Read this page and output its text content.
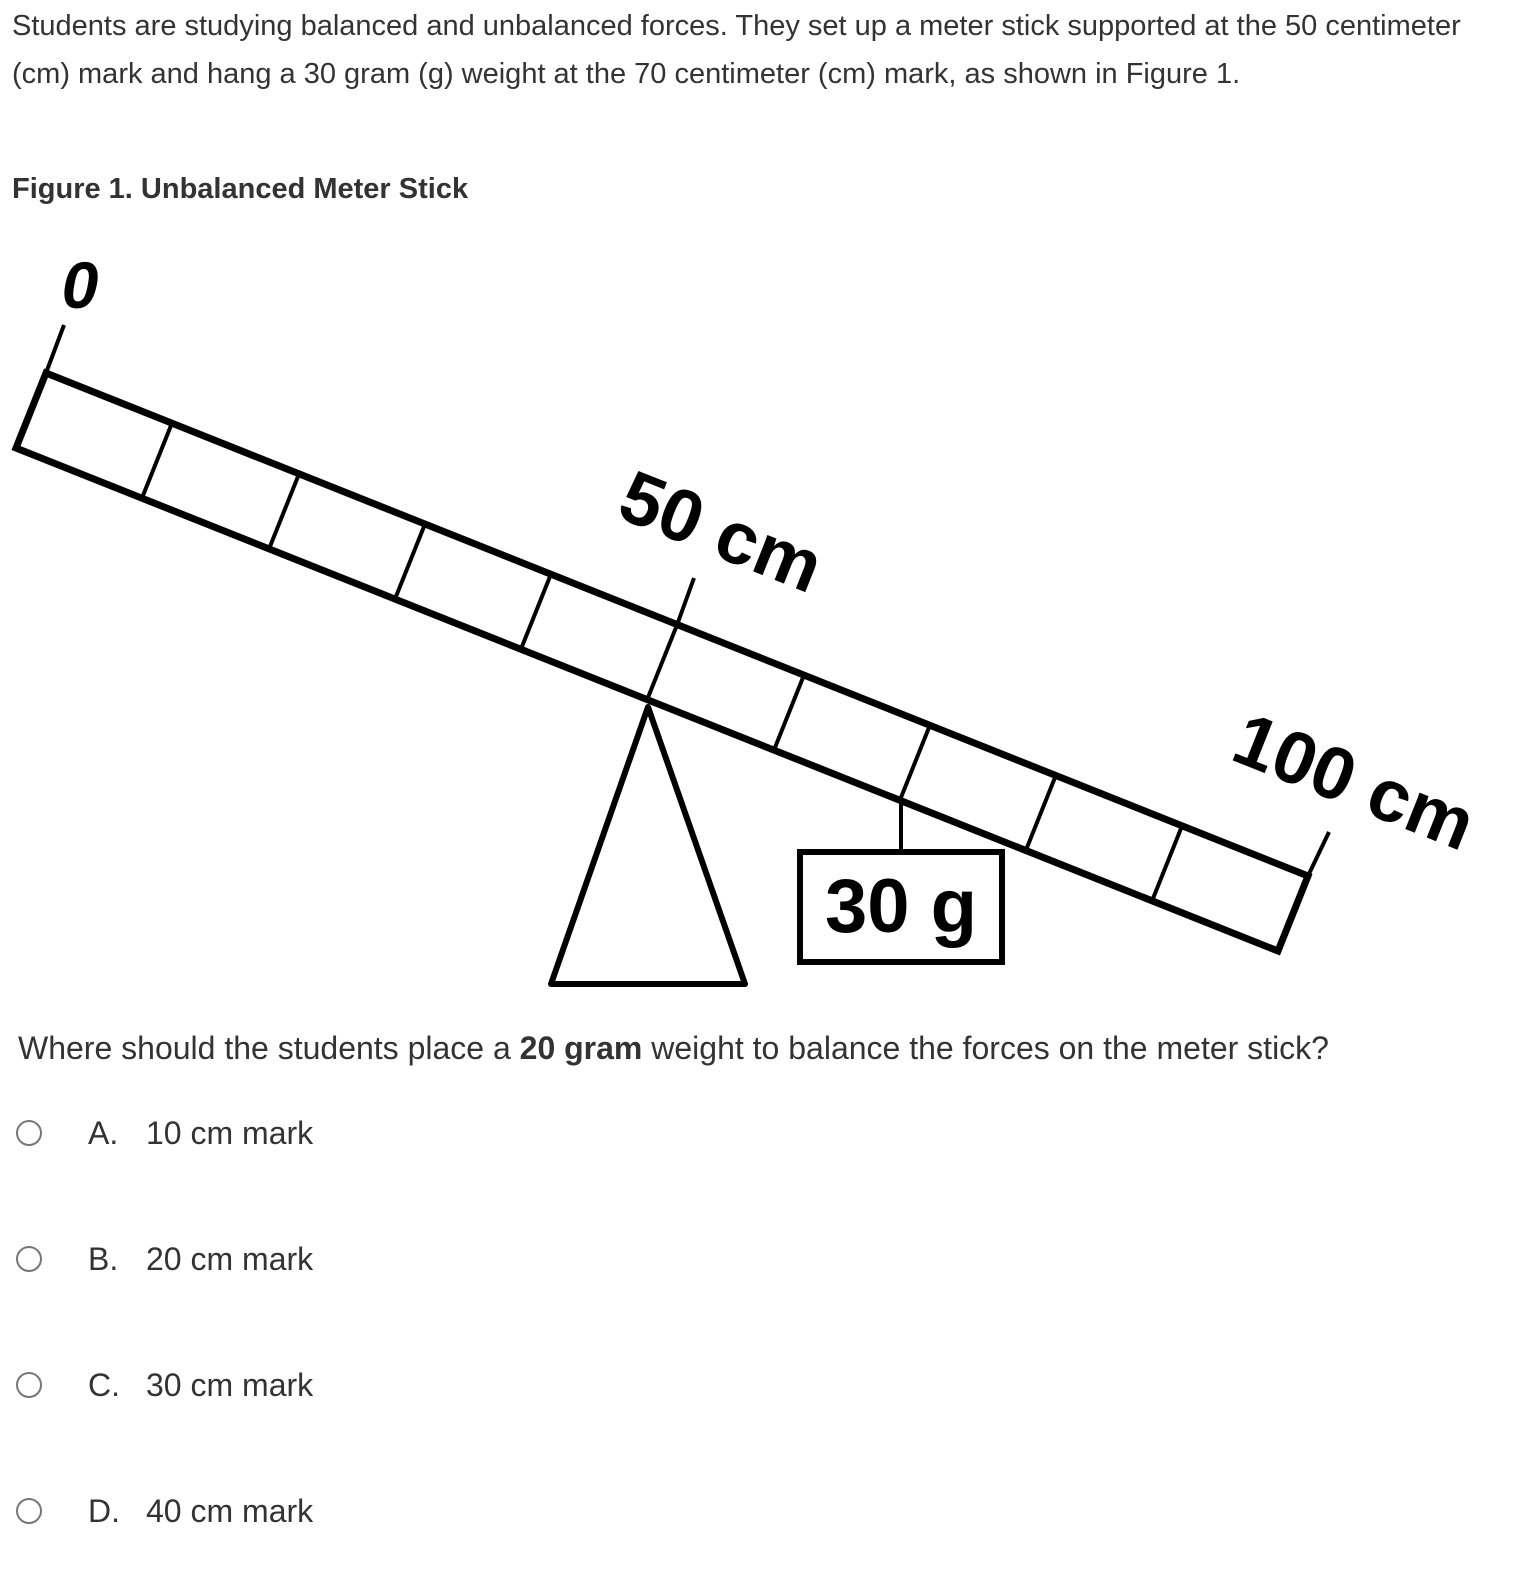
Students are studying balanced and unbalanced forces. They set up a meter stick supported at the 50 centimeter (cm) mark and hang a 30 gram (g) weight at the 70 centimeter (cm) mark, as shown in Figure 1.

Figure 1. Unbalanced Meter Stick

30 g
0
50 cm
100 cm

Where should the students place a 20 gram weight to balance the forces on the meter stick?

A. 10 cm mark
B. 20 cm mark
C. 30 cm mark
D. 40 cm mark
